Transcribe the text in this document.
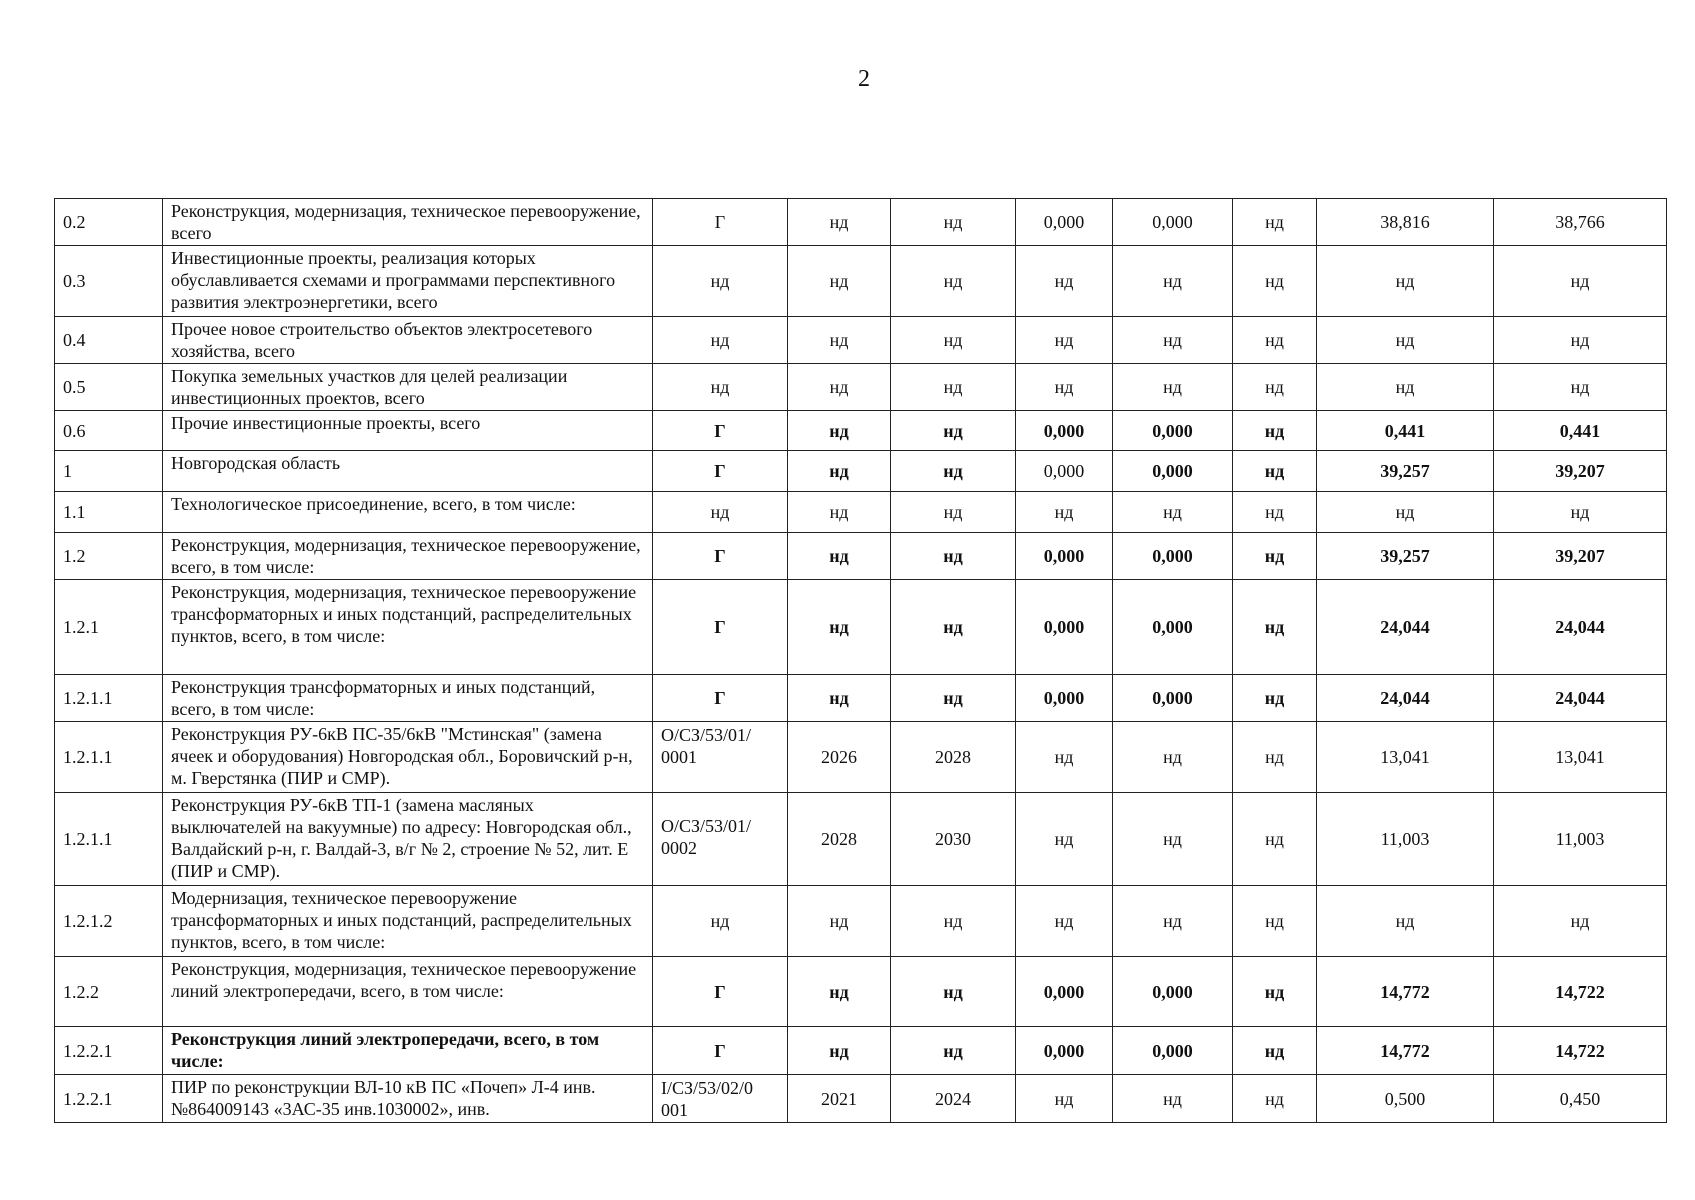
2
0.2	Реконструкция, модернизация, техническое перевооружение, всего	Г	нд	нд	0,000	0,000	нд	38,816	38,766
0.3	Инвестиционные проекты, реализация которых обуславливается схемами и программами перспективного развития электроэнергетики, всего	нд	нд	нд	нд	нд	нд	нд	нд
0.4	Прочее новое строительство объектов электросетевого хозяйства, всего	нд	нд	нд	нд	нд	нд	нд	нд
0.5	Покупка земельных участков для целей реализации инвестиционных проектов, всего	нд	нд	нд	нд	нд	нд	нд	нд
0.6	Прочие инвестиционные проекты, всего	Г	нд	нд	0,000	0,000	нд	0,441	0,441
1	Новгородская область	Г	нд	нд	0,000	0,000	нд	39,257	39,207
1.1	Технологическое присоединение, всего, в том числе:	нд	нд	нд	нд	нд	нд	нд	нд
1.2	Реконструкция, модернизация, техническое перевооружение, всего, в том числе:	Г	нд	нд	0,000	0,000	нд	39,257	39,207
1.2.1	Реконструкция, модернизация, техническое перевооружение трансформаторных и иных подстанций, распределительных пунктов, всего, в том числе:	Г	нд	нд	0,000	0,000	нд	24,044	24,044
1.2.1.1	Реконструкция трансформаторных и иных подстанций, всего, в том числе:	Г	нд	нд	0,000	0,000	нд	24,044	24,044
1.2.1.1	Реконструкция РУ-6кВ ПС-35/6кВ "Мстинская" (замена ячеек и оборудования) Новгородская обл., Боровичский р-н, м. Гверстянка (ПИР и СМР).	О/СЗ/53/01/ 0001	2026	2028	нд	нд	нд	13,041	13,041
1.2.1.1	Реконструкция РУ-6кВ ТП-1 (замена масляных выключателей на вакуумные) по адресу: Новгородская обл., Валдайский р-н, г. Валдай-3, в/г № 2, строение № 52, лит. Е (ПИР и СМР).	О/СЗ/53/01/ 0002	2028	2030	нд	нд	нд	11,003	11,003
1.2.1.2	Модернизация, техническое перевооружение трансформаторных и иных подстанций, распределительных пунктов, всего, в том числе:	нд	нд	нд	нд	нд	нд	нд	нд
1.2.2	Реконструкция, модернизация, техническое перевооружение линий электропередачи, всего, в том числе:	Г	нд	нд	0,000	0,000	нд	14,772	14,722
1.2.2.1	Реконструкция линий электропередачи, всего, в том числе:	Г	нд	нд	0,000	0,000	нд	14,772	14,722
1.2.2.1	ПИР по реконструкции ВЛ-10 кВ ПС «Почеп» Л-4 инв. №864009143 «3АС-35 инв.1030002», инв.	I/СЗ/53/02/0 001	2021	2024	нд	нд	нд	0,500	0,450
